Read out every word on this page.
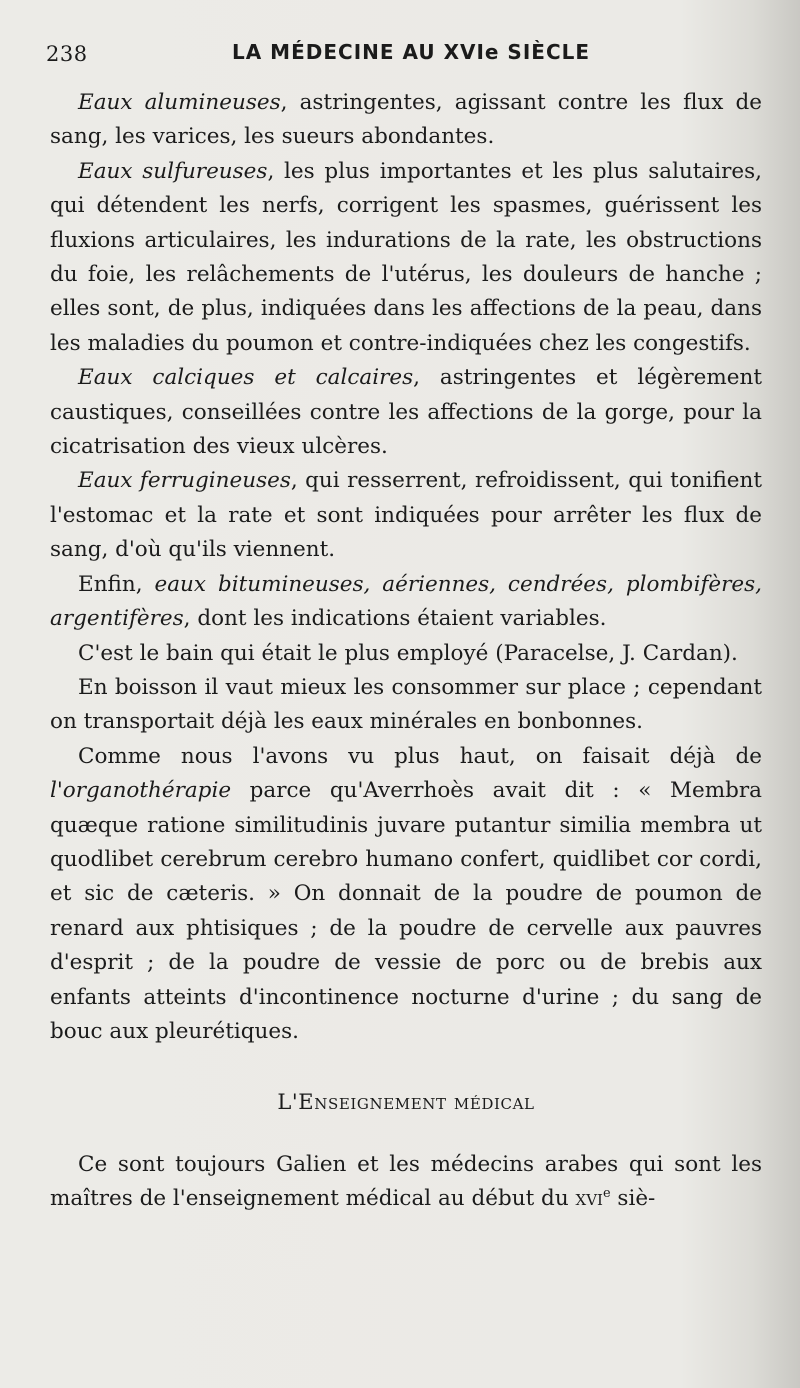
238	LA MÉDECINE AU XVIe SIÈCLE

Eaux alumineuses, astringentes, agissant contre les flux de sang, les varices, les sueurs abondantes.

Eaux sulfureuses, les plus importantes et les plus salutaires, qui détendent les nerfs, corrigent les spasmes, guérissent les fluxions articulaires, les indurations de la rate, les obstructions du foie, les relâchements de l'utérus, les douleurs de hanche ; elles sont, de plus, indiquées dans les affections de la peau, dans les maladies du poumon et contre-indiquées chez les congestifs.

Eaux calciques et calcaires, astringentes et légèrement caustiques, conseillées contre les affections de la gorge, pour la cicatrisation des vieux ulcères.

Eaux ferrugineuses, qui resserrent, refroidissent, qui tonifient l'estomac et la rate et sont indiquées pour arrêter les flux de sang, d'où qu'ils viennent.

Enfin, eaux bitumineuses, aériennes, cendrées, plombifères, argentifères, dont les indications étaient variables.

C'est le bain qui était le plus employé (Paracelse, J. Cardan).

En boisson il vaut mieux les consommer sur place ; cependant on transportait déjà les eaux minérales en bonbonnes.

Comme nous l'avons vu plus haut, on faisait déjà de l'organothérapie parce qu'Averrhoès avait dit : « Membra quæque ratione similitudinis juvare putantur similia membra ut quodlibet cerebrum cerebro humano confert, quidlibet cor cordi, et sic de cæteris. » On donnait de la poudre de poumon de renard aux phtisiques ; de la poudre de cervelle aux pauvres d'esprit ; de la poudre de vessie de porc ou de brebis aux enfants atteints d'incontinence nocturne d'urine ; du sang de bouc aux pleurétiques.

L'Enseignement médical

Ce sont toujours Galien et les médecins arabes qui sont les maîtres de l'enseignement médical au début du xvi$^e$ siè-
